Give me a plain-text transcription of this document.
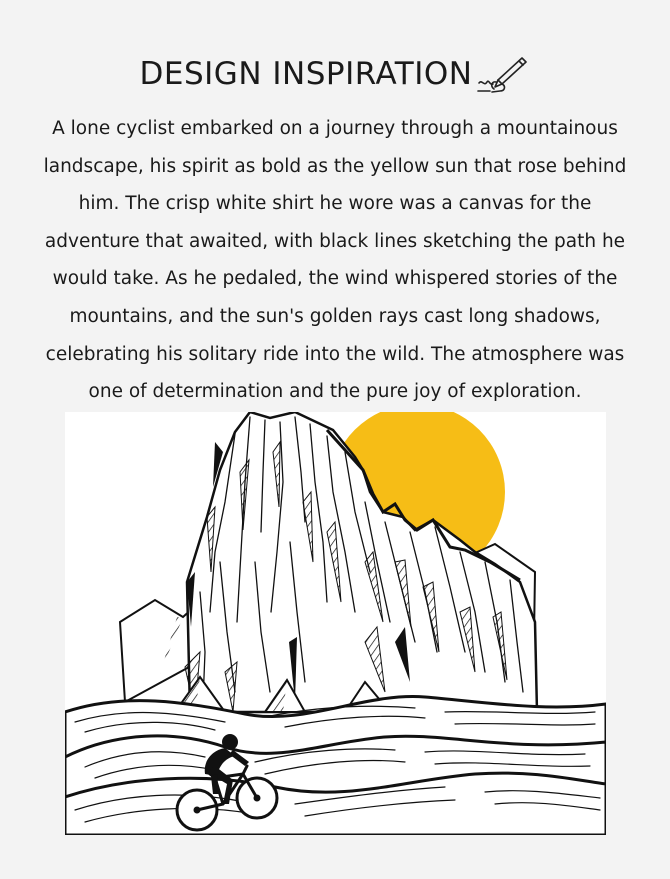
DESIGN INSPIRATION

A lone cyclist embarked on a journey through a mountainous landscape, his spirit as bold as the yellow sun that rose behind him. The crisp white shirt he wore was a canvas for the adventure that awaited, with black lines sketching the path he would take. As he pedaled, the wind whispered stories of the mountains, and the sun's golden rays cast long shadows, celebrating his solitary ride into the wild. The atmosphere was one of determination and the pure joy of exploration.
